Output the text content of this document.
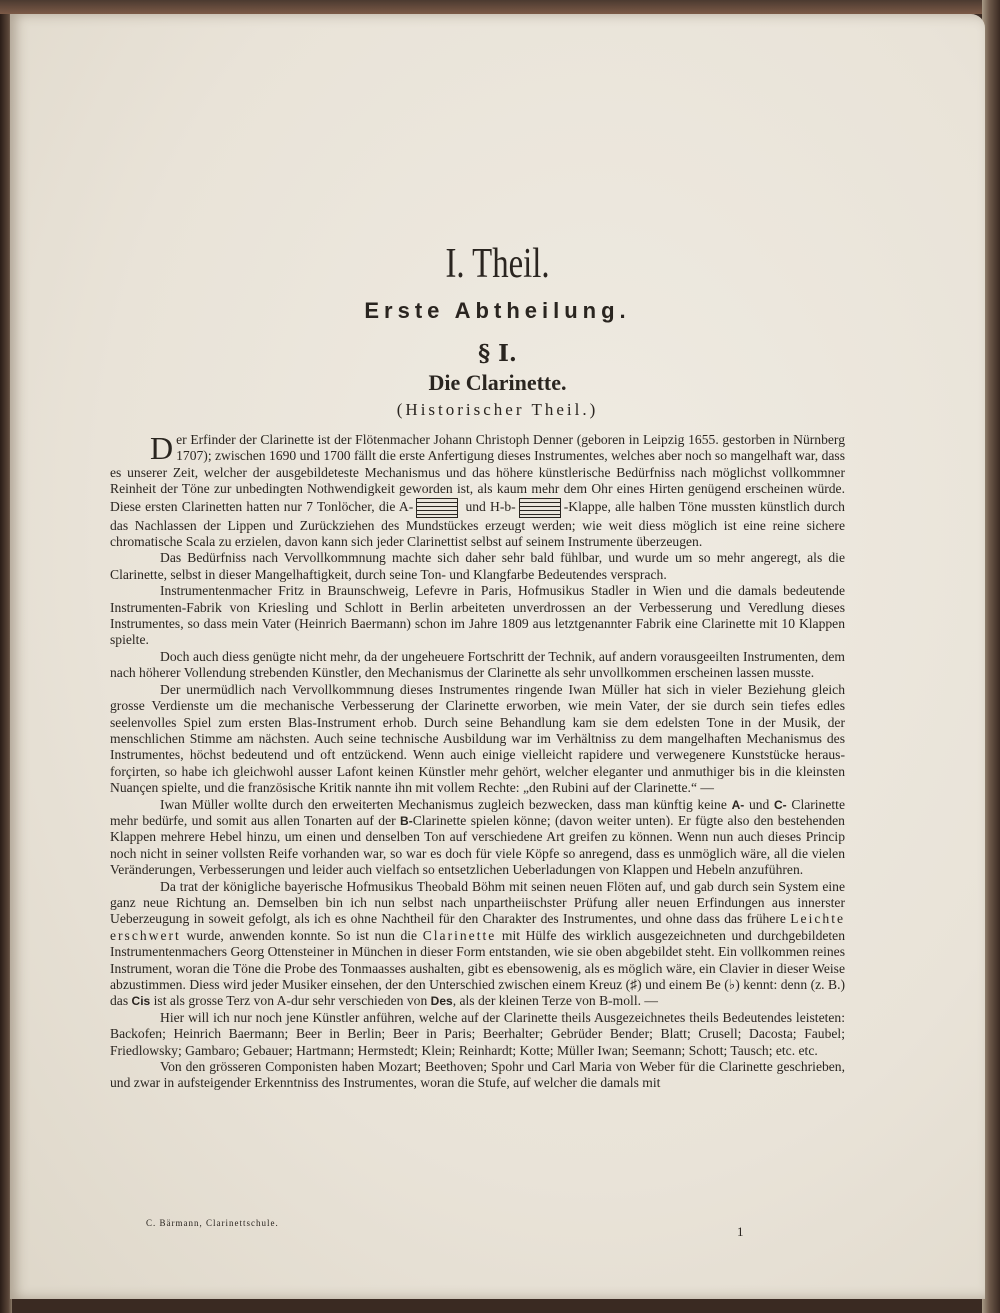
I. Theil.
Erste Abtheilung.
§ I.
Die Clarinette.
(Historischer Theil.)

Der Erfinder der Clarinette ist der Flötenmacher Johann Christoph Denner (geboren in Leipzig 1655. gestorben in Nürnberg 1707); zwischen 1690 und 1700 fällt die erste Anfertigung dieses Instrumentes, welches aber noch so mangelhaft war, dass es unserer Zeit, welcher der ausgebildeteste Mechanismus und das höhere künstlerische Bedürfniss nach möglichst vollkommner Reinheit der Töne zur unbedingten Nothwendigkeit geworden ist, als kaum mehr dem Ohr eines Hirten genügend erscheinen würde. Diese ersten Clarinetten hatten nur 7 Tonlöcher, die A-	und H-b-	-Klappe, alle halben Töne mussten künstlich durch das Nachlassen der Lippen und Zurückziehen des Mundstückes erzeugt werden; wie weit diess möglich ist eine reine sichere chromatische Scala zu erzielen, davon kann sich jeder Clarinettist selbst auf seinem Instrumente überzeugen.

Das Bedürfniss nach Vervollkommnung machte sich daher sehr bald fühlbar, und wurde um so mehr angeregt, als die Clarinette, selbst in dieser Mangelhaftigkeit, durch seine Ton- und Klangfarbe Bedeutendes versprach.

Instrumentenmacher Fritz in Braunschweig, Lefevre in Paris, Hofmusikus Stadler in Wien und die damals bedeutende Instrumenten-Fabrik von Kriesling und Schlott in Berlin arbeiteten unverdrossen an der Verbesserung und Veredlung dieses Instrumentes, so dass mein Vater (Heinrich Baermann) schon im Jahre 1809 aus letztgenannter Fabrik eine Clarinette mit 10 Klappen spielte.

Doch auch diess genügte nicht mehr, da der ungeheuere Fortschritt der Technik, auf andern vorausgeeilten Instrumenten, dem nach höherer Vollendung strebenden Künstler, den Mechanismus der Clarinette als sehr unvollkommen erscheinen lassen musste.

Der unermüdlich nach Vervollkommnung dieses Instrumentes ringende Iwan Müller hat sich in vieler Beziehung gleich grosse Verdienste um die mechanische Verbesserung der Clarinette erworben, wie mein Vater, der sie durch sein tiefes edles seelenvolles Spiel zum ersten Blas-Instrument erhob. Durch seine Behandlung kam sie dem edelsten Tone in der Musik, der menschlichen Stimme am nächsten. Auch seine technische Ausbildung war im Verhältniss zu dem mangelhaften Mechanismus des Instrumentes, höchst bedeutend und oft entzückend. Wenn auch einige vielleicht rapidere und verwegenere Kunststücke heraus-forçirten, so habe ich gleichwohl ausser Lafont keinen Künstler mehr gehört, welcher eleganter und anmuthiger bis in die kleinsten Nuançen spielte, und die französische Kritik nannte ihn mit vollem Rechte: „den Rubini auf der Clarinette.“ —

Iwan Müller wollte durch den erweiterten Mechanismus zugleich bezwecken, dass man künftig keine A- und C- Clarinette mehr bedürfe, und somit aus allen Tonarten auf der B-Clarinette spielen könne; (davon weiter unten). Er fügte also den bestehenden Klappen mehrere Hebel hinzu, um einen und denselben Ton auf verschiedene Art greifen zu können. Wenn nun auch dieses Princip noch nicht in seiner vollsten Reife vorhanden war, so war es doch für viele Köpfe so anregend, dass es unmöglich wäre, all die vielen Veränderungen, Verbesserungen und leider auch vielfach so entsetzlichen Ueberladungen von Klappen und Hebeln anzuführen.

Da trat der königliche bayerische Hofmusikus Theobald Böhm mit seinen neuen Flöten auf, und gab durch sein System eine ganz neue Richtung an. Demselben bin ich nun selbst nach unpartheiischster Prüfung aller neuen Erfindungen aus innerster Ueberzeugung in soweit gefolgt, als ich es ohne Nachtheil für den Charakter des Instrumentes, und ohne dass das frühere Leichte erschwert wurde, anwenden konnte. So ist nun die Clarinette mit Hülfe des wirklich ausgezeichneten und durchgebildeten Instrumentenmachers Georg Ottensteiner in München in dieser Form entstanden, wie sie oben abgebildet steht. Ein vollkommen reines Instrument, woran die Töne die Probe des Tonmaasses aushalten, gibt es ebensowenig, als es möglich wäre, ein Clavier in dieser Weise abzustimmen. Diess wird jeder Musiker einsehen, der den Unterschied zwischen einem Kreuz (♯) und einem Be (♭) kennt: denn (z. B.) das Cis ist als grosse Terz von A-dur sehr verschieden von Des, als der kleinen Terze von B-moll. —

Hier will ich nur noch jene Künstler anführen, welche auf der Clarinette theils Ausgezeichnetes theils Bedeutendes leisteten: Backofen; Heinrich Baermann; Beer in Berlin; Beer in Paris; Beerhalter; Gebrüder Bender; Blatt; Crusell; Dacosta; Faubel; Friedlowsky; Gambaro; Gebauer; Hartmann; Hermstedt; Klein; Reinhardt; Kotte; Müller Iwan; Seemann; Schott; Tausch; etc. etc.

Von den grösseren Componisten haben Mozart; Beethoven; Spohr und Carl Maria von Weber für die Clarinette geschrieben, und zwar in aufsteigender Erkenntniss des Instrumentes, woran die Stufe, auf welcher die damals mit

C. Bärmann, Clarinettschule.
1
